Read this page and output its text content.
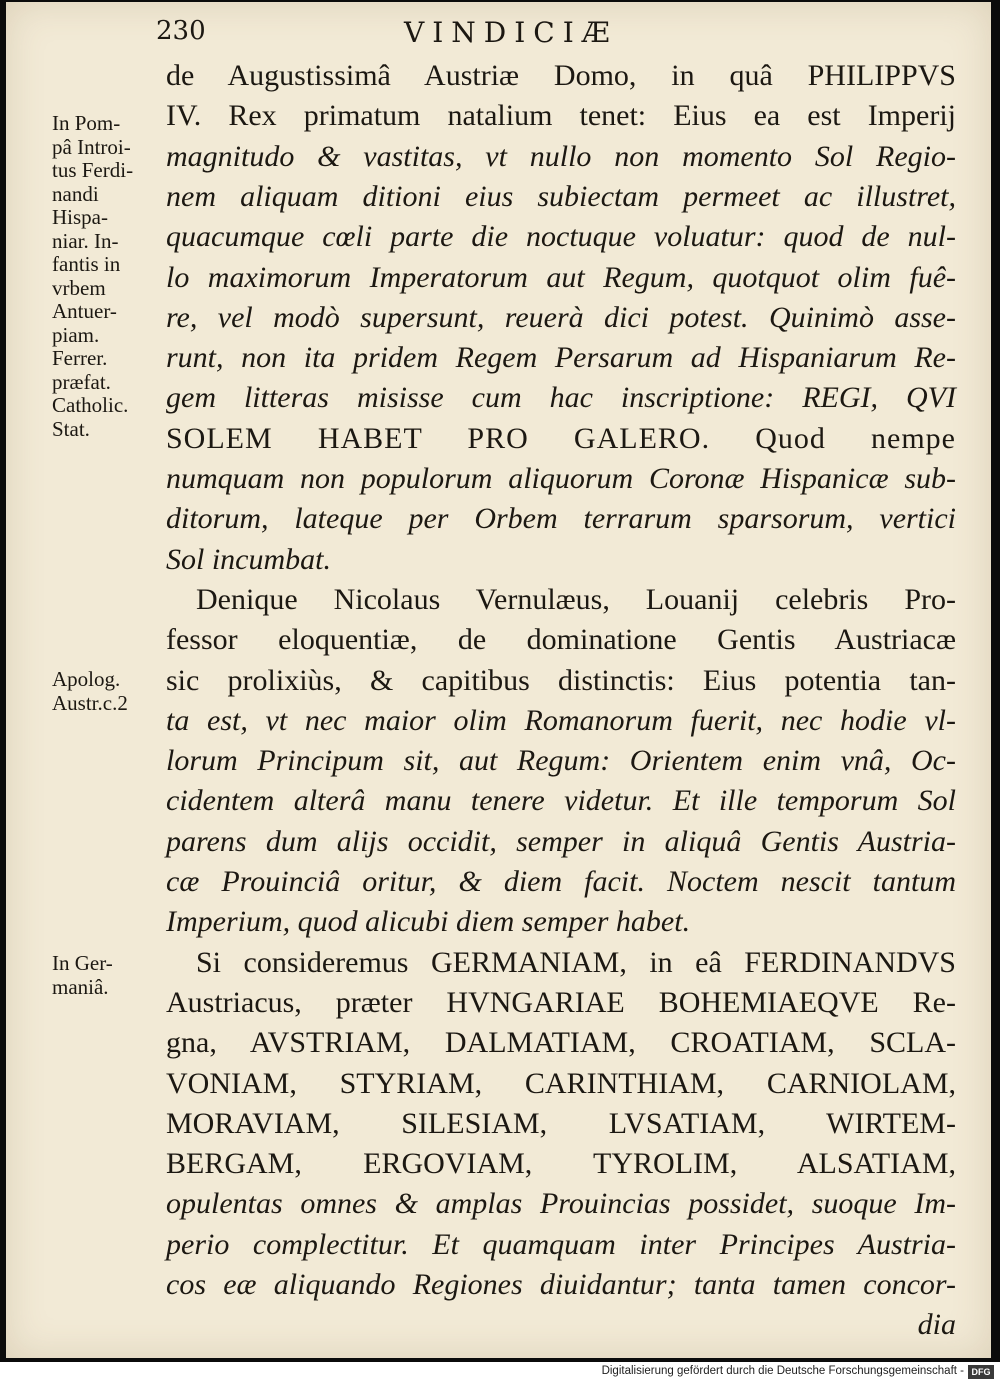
230	VINDICIÆ

de Augustissimâ Austriæ Domo, in quâ PHILIPPVS

IV. Rex primatum natalium tenet: Eius ea est Imperij

magnitudo & vastitas, vt nullo non momento Sol Regio-

nem aliquam ditioni eius subiectam permeet ac illustret,

quacumque cœli parte die noctuque voluatur: quod de nul-

lo maximorum Imperatorum aut Regum, quotquot olim fuê-

re, vel modò supersunt, reuerà dici potest. Quinimò asse-

runt, non ita pridem Regem Persarum ad Hispaniarum Re-

gem litteras misisse cum hac inscriptione: REGI, QVI

SOLEM HABET PRO GALERO. Quod nempe

numquam non populorum aliquorum Coronæ Hispanicæ sub-

ditorum, lateque per Orbem terrarum sparsorum, vertici

Sol incumbat.

Denique Nicolaus Vernulæus, Louanij celebris Pro-

fessor eloquentiæ, de dominatione Gentis Austriacæ

sic prolixiùs, & capitibus distinctis: Eius potentia tan-

ta est, vt nec maior olim Romanorum fuerit, nec hodie vl-

lorum Principum sit, aut Regum: Orientem enim vnâ, Oc-

cidentem alterâ manu tenere videtur. Et ille temporum Sol

parens dum alijs occidit, semper in aliquâ Gentis Austria-

cæ Prouinciâ oritur, & diem facit. Noctem nescit tantum

Imperium, quod alicubi diem semper habet.

Si consideremus GERMANIAM, in eâ FERDINANDVS

Austriacus, præter HVNGARIAE BOHEMIAEQVE Re-

gna, AVSTRIAM, DALMATIAM, CROATIAM, SCLA-

VONIAM, STYRIAM, CARINTHIAM, CARNIOLAM,

MORAVIAM, SILESIAM, LVSATIAM, WIRTEM-

BERGAM, ERGOVIAM, TYROLIM, ALSATIAM,

opulentas omnes & amplas Prouincias possidet, suoque Im-

perio complectitur. Et quamquam inter Principes Austria-

cos eæ aliquando Regiones diuidantur; tanta tamen concor-

dia

In Pom-
pâ Introi-
tus Ferdi-
nandi
Hispa-
niar. In-
fantis in
vrbem
Antuer-
piam.
Ferrer.
præfat.
Catholic.
Stat.
Apolog.
Austr.c.2
In Ger-
maniâ.
Digitalisierung gefördert durch die Deutsche Forschungsgemeinschaft - DFG
